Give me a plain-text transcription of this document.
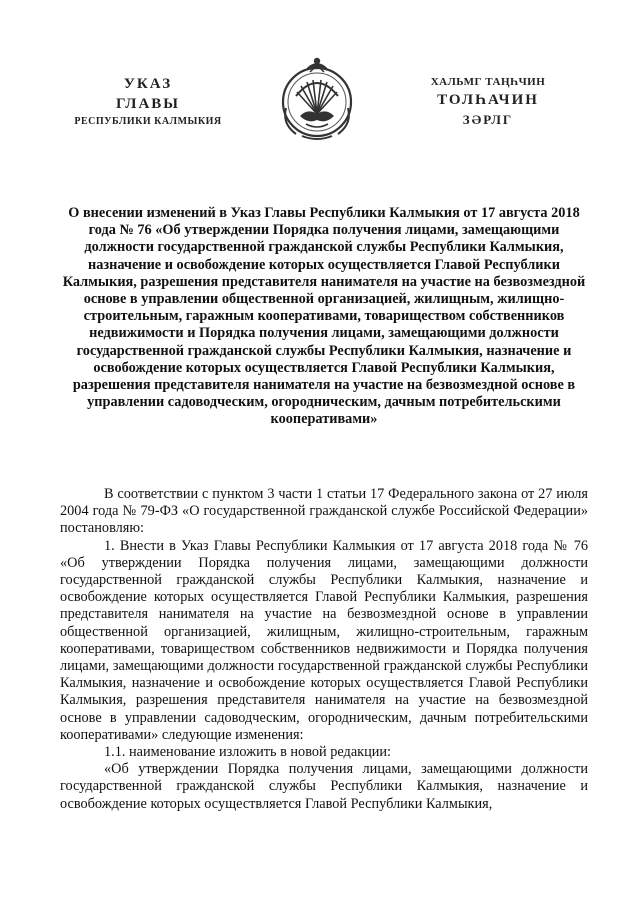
УКАЗ
ГЛАВЫ
РЕСПУБЛИКИ КАЛМЫКИЯ
ХАЛЬМГ ТАҢҺЧИН
ТОЛҺАЧИН
ЗӘРЛГ

О внесении изменений в Указ Главы Республики Калмыкия от 17 августа 2018 года № 76 «Об утверждении Порядка получения лицами, замещающими должности государственной гражданской службы Республики Калмыкия, назначение и освобождение которых осуществляется Главой Республики Калмыкия, разрешения представителя нанимателя на участие на безвозмездной основе в управлении общественной организацией, жилищным, жилищно-строительным, гаражным кооперативами, товариществом собственников недвижимости и Порядка получения лицами, замещающими должности государственной гражданской службы Республики Калмыкия, назначение и освобождение которых осуществляется Главой Республики Калмыкия, разрешения представителя нанимателя на участие на безвозмездной основе в управлении садоводческим, огородническим, дачным потребительскими кооперативами»

В соответствии с пунктом 3 части 1 статьи 17 Федерального закона от 27 июля 2004 года № 79-ФЗ «О государственной гражданской службе Российской Федерации» постановляю:

1. Внести в Указ Главы Республики Калмыкия от 17 августа 2018 года № 76 «Об утверждении Порядка получения лицами, замещающими должности государственной гражданской службы Республики Калмыкия, назначение и освобождение которых осуществляется Главой Республики Калмыкия, разрешения представителя нанимателя на участие на безвозмездной основе в управлении общественной организацией, жилищным, жилищно-строительным, гаражным кооперативами, товариществом собственников недвижимости и Порядка получения лицами, замещающими должности государственной гражданской службы Республики Калмыкия, назначение и освобождение которых осуществляется Главой Республики Калмыкия, разрешения представителя нанимателя на участие на безвозмездной основе в управлении садоводческим, огородническим, дачным потребительскими кооперативами» следующие изменения:

1.1. наименование изложить в новой редакции:

«Об утверждении Порядка получения лицами, замещающими должности государственной гражданской службы Республики Калмыкия, назначение и освобождение которых осуществляется Главой Республики Калмыкия,
